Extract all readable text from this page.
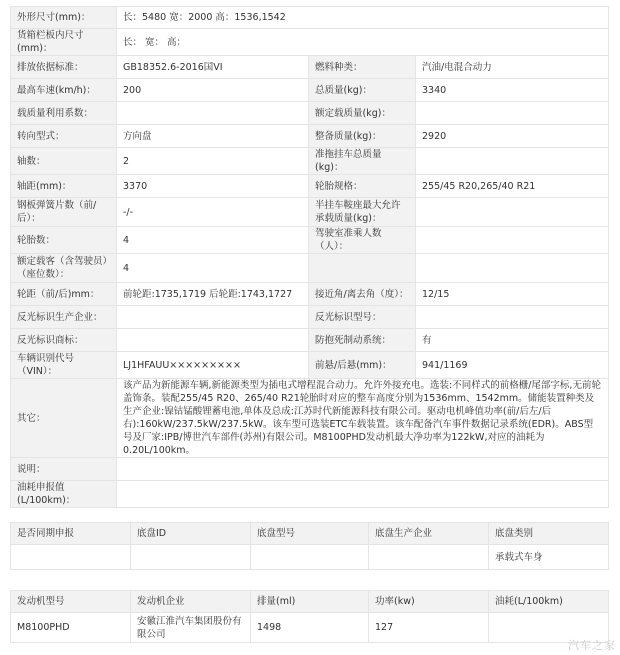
外形尺寸(mm)：	长：5480 宽：2000 高：1536,1542		
货箱栏板内尺寸(mm)：	长： 宽： 高：		
排放依据标准：	GB18352.6-2016国VI	燃料种类：	汽油/电混合动力
最高车速(km/h)：	200	总质量(kg)：	3340
载质量利用系数：		额定载质量(kg)：	
转向型式：	方向盘	整备质量(kg)：	2920
轴数：	2	准拖挂车总质量(kg)：	
轴距(mm)：	3370	轮胎规格：	255/45 R20,265/40 R21
钢板弹簧片数（前/后）：	-/-	半挂车鞍座最大允许承载质量(kg)：	
轮胎数：	4	驾驶室准乘人数（人）：	
额定载客（含驾驶员）（座位数）：	4		
轮距（前/后)mm：	前轮距:1735,1719 后轮距:1743,1727	接近角/离去角（度）：	12/15
反光标识生产企业：		反光标识型号：	
反光标识商标：		防抱死制动系统：	有
车辆识别代号（VIN）：	LJ1HFAUU×××××××××	前悬/后悬(mm)：	941/1169
其它：	该产品为新能源车辆,新能源类型为插电式增程混合动力。允许外接充电。选装:不同样式的前格栅/尾部字标,无前轮盖饰条。装配255/45 R20、265/40 R21轮胎时对应的整车高度分别为1536mm、1542mm。储能装置种类及生产企业:镍钴锰酸锂蓄电池,单体及总成:江苏时代新能源科技有限公司。驱动电机峰值功率(前/后左/后右):160kW/237.5kW/237.5kW。该车型可选装ETC车载装置。该车配备汽车事件数据记录系统(EDR)。ABS型号及厂家:IPB/博世汽车部件(苏州)有限公司。M8100PHD发动机最大净功率为122kW,对应的油耗为0.20L/100km。		
说明：			
油耗申报值(L/100km)：			
是否同期申报	底盘ID	底盘型号	底盘生产企业	底盘类别
				承载式车身
发动机型号	发动机企业	排量(ml)	功率(kw)	油耗(L/100km)
M8100PHD	安徽江淮汽车集团股份有限公司	1498	127	
汽车之家
